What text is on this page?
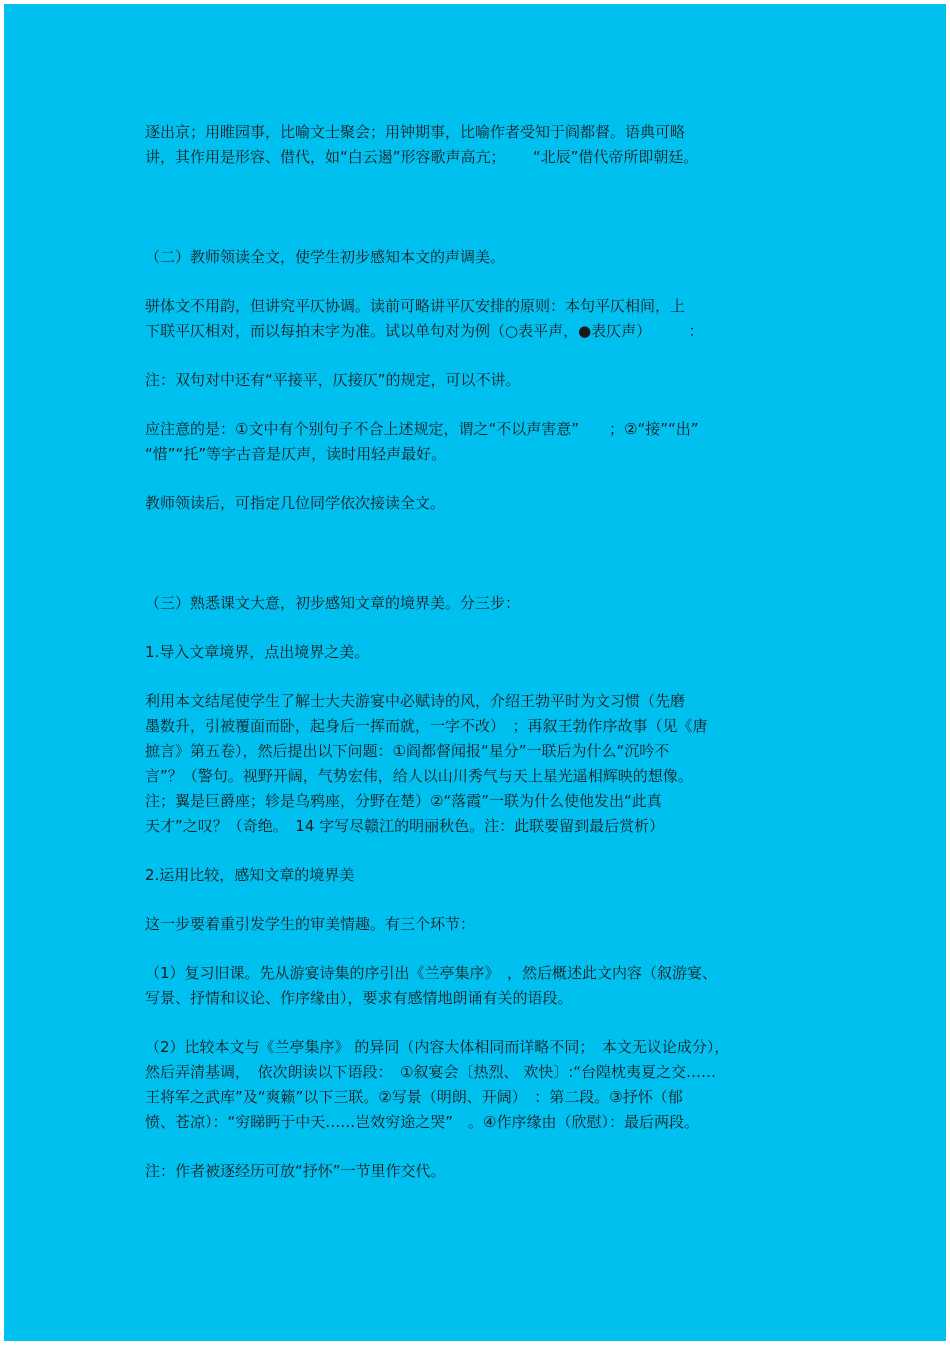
逐出京；用睢园事，比喻文士聚会；用钟期事，比喻作者受知于阎都督。语典可略
讲，其作用是形容、借代，如“白云遏”形容歌声高亢；　　 “北辰”借代帝所即朝廷。

（二）教师领读全文，使学生初步感知本文的声调美。

骈体文不用韵，但讲究平仄协调。读前可略讲平仄安排的原则：本句平仄相间，上
下联平仄相对，而以每拍末字为准。试以单句对为例（○表平声，●表仄声）　　　：

注：双句对中还有“平接平，仄接仄”的规定，可以不讲。

应注意的是：①文中有个别句子不合上述规定，谓之“不以声害意”　　；②“接”“出”
“惜”“托”等字古音是仄声，读时用轻声最好。

教师领读后，可指定几位同学依次接读全文。

（三）熟悉课文大意，初步感知文章的境界美。分三步：

1.导入文章境界，点出境界之美。

利用本文结尾使学生了解士大夫游宴中必赋诗的风，介绍王勃平时为文习惯（先磨
墨数升，引被覆面而卧，起身后一挥而就，一字不改）　；再叙王勃作序故事（见《唐
摭言》第五卷），然后提出以下问题：①阎都督闻报“星分”一联后为什么“沉吟不
言”？（警句。视野开阔，气势宏伟，给人以山川秀气与天上星光遥相辉映的想像。
注；翼是巨爵座；轸是乌鸦座，分野在楚）②“落霞”一联为什么使他发出“此真
天才”之叹？（奇绝。　14 字写尽赣江的明丽秋色。注：此联要留到最后赏析）

2.运用比较，感知文章的境界美

这一步要着重引发学生的审美情趣。有三个环节：

（1）复习旧课。先从游宴诗集的序引出《兰亭集序》　，然后概述此文内容（叙游宴、
写景、抒情和议论、作序缘由），要求有感情地朗诵有关的语段。

（2）比较本文与《兰亭集序》 的异同（内容大体相同而详略不同；　本文无议论成分），
然后弄清基调，　依次朗读以下语段：　①叙宴会〔热烈、 欢快〕:“台隍枕夷夏之交……
王将军之武库”及“爽籁”以下三联。②写景（明朗、开阔）　：第二段。③抒怀（郁
愤、苍凉）：“穷睇眄于中天……岂效穷途之哭”　。④作序缘由（欣慰）：最后两段。

注：作者被逐经历可放“抒怀”一节里作交代。
